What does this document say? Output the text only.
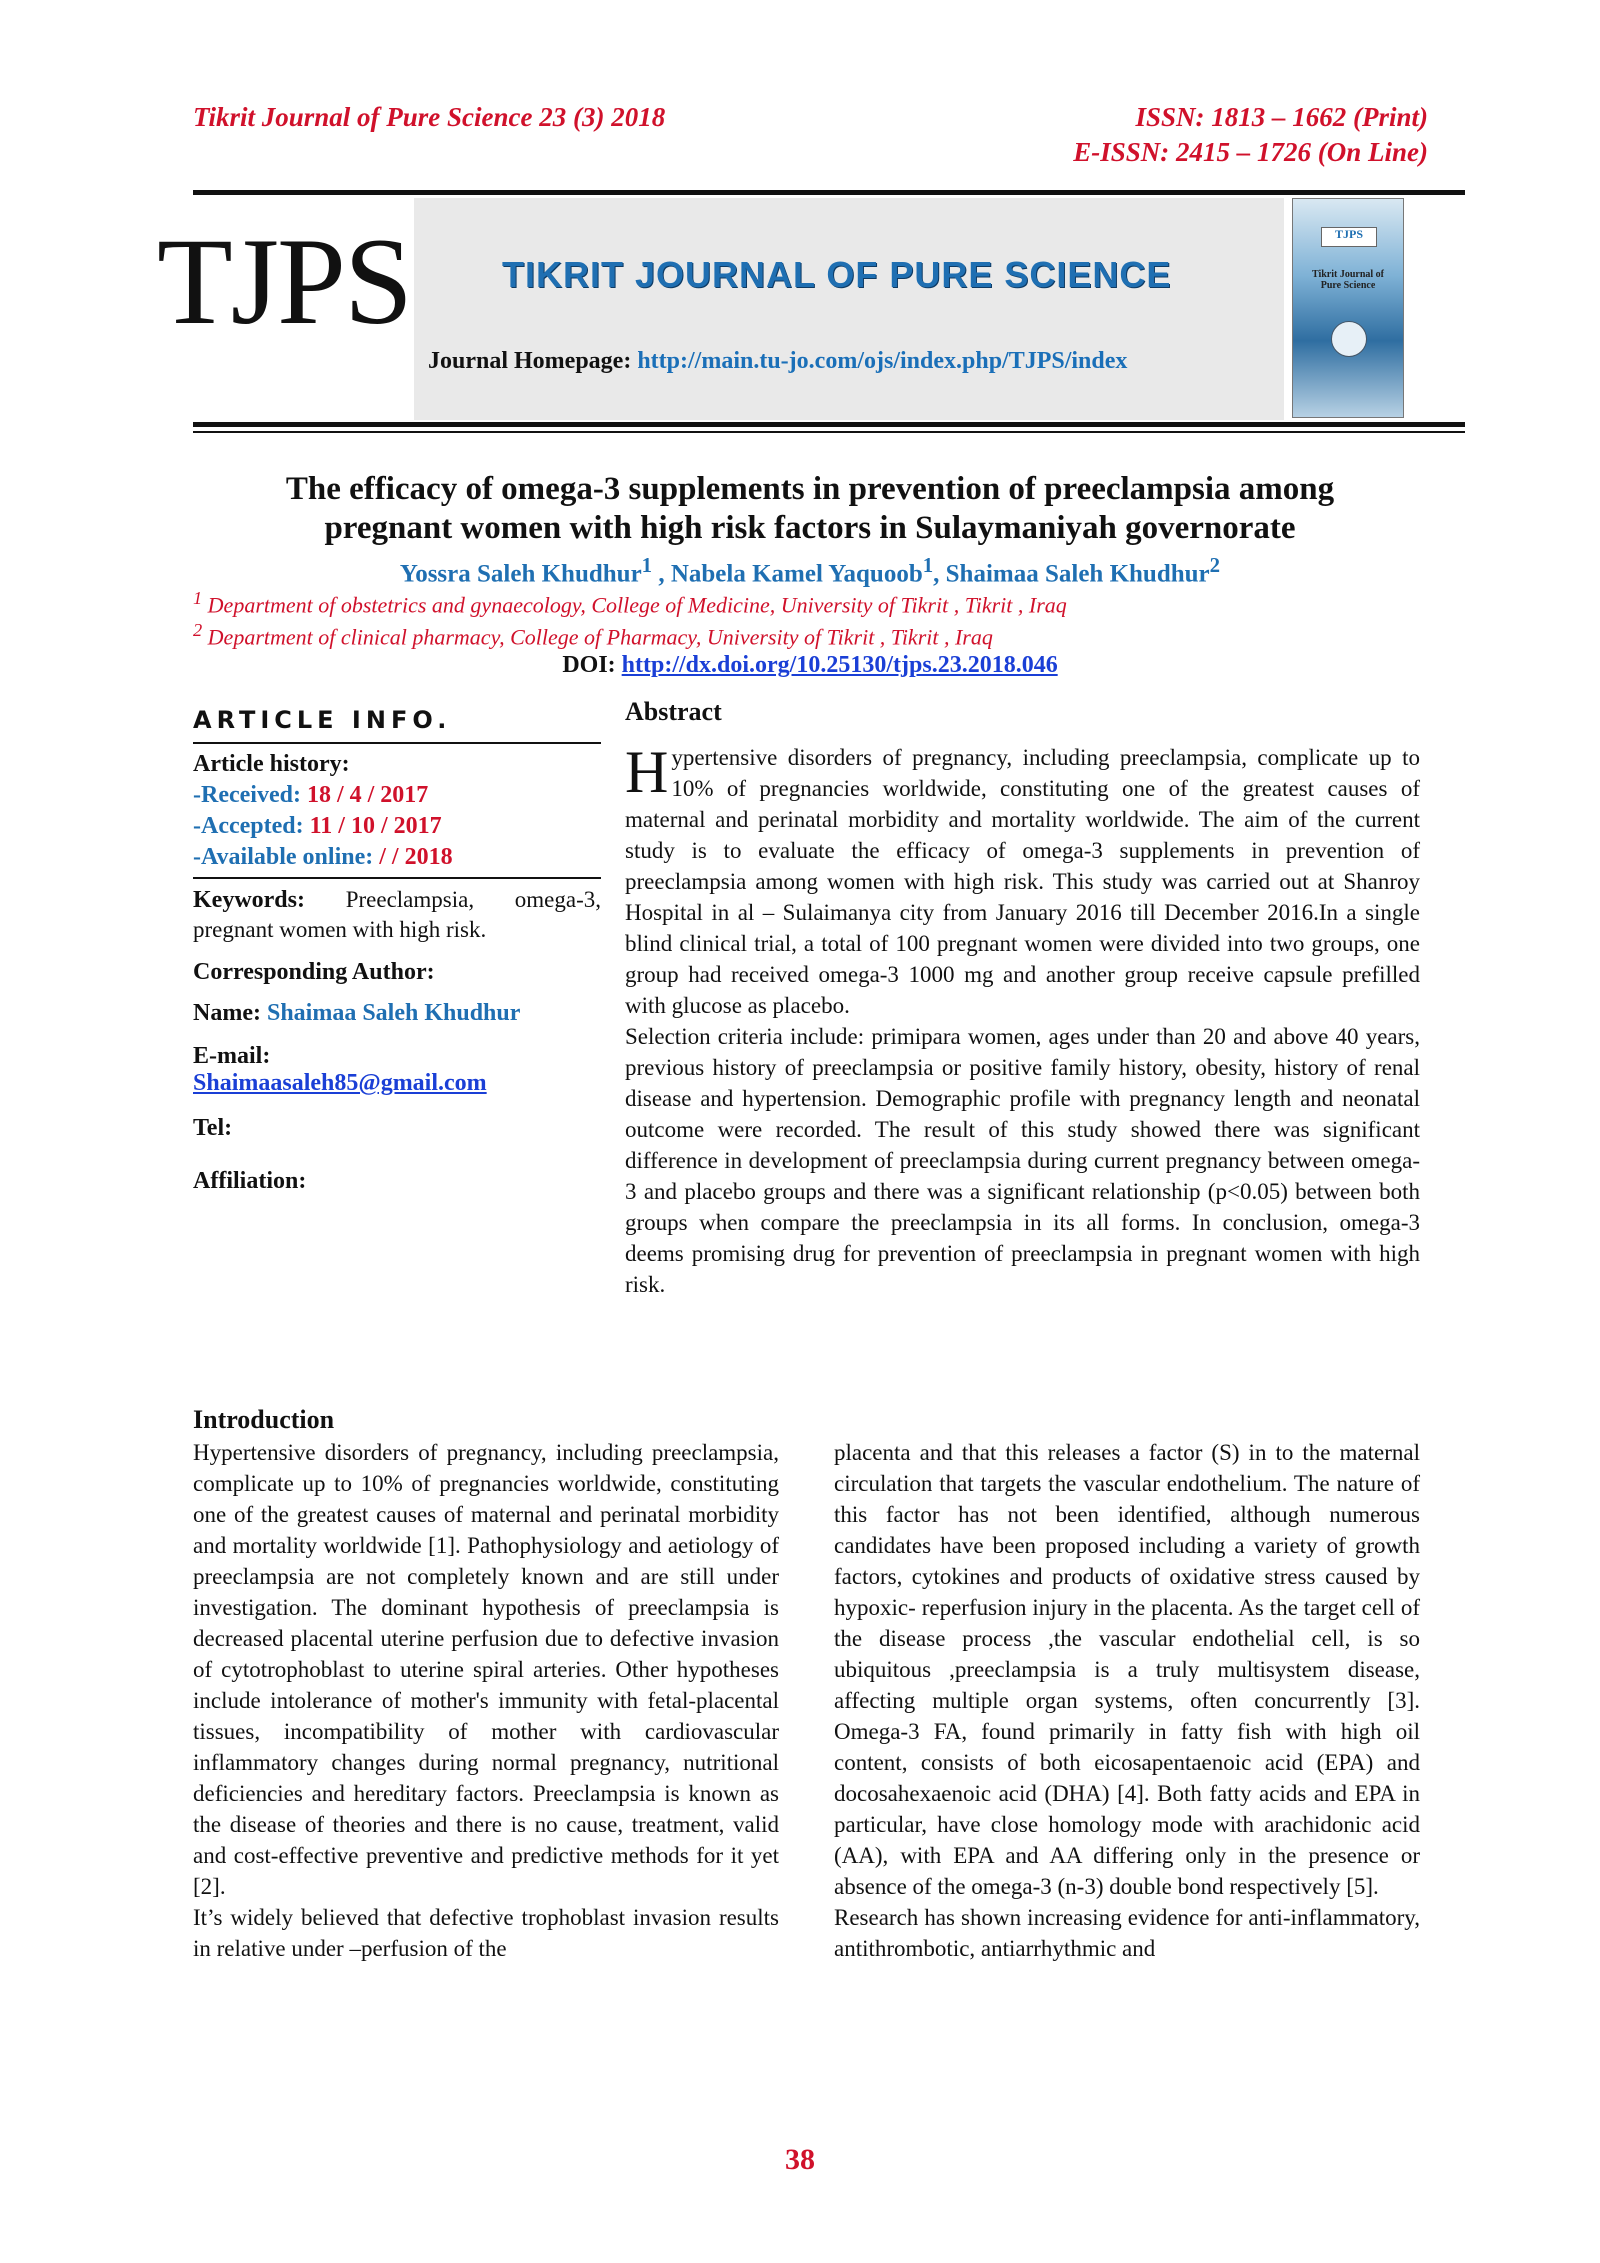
Tikrit Journal of Pure Science 23 (3) 2018	ISSN: 1813 – 1662 (Print)
E-ISSN: 2415 – 1726 (On Line)
TJPS	TIKRIT JOURNAL OF PURE SCIENCE
Journal Homepage: http://main.tu-jo.com/ojs/index.php/TJPS/index
TJPS
Tikrit Journal of Pure Science
The efficacy of omega-3 supplements in prevention of preeclampsia among
pregnant women with high risk factors in Sulaymaniyah governorate
Yossra Saleh Khudhur$^1$ , Nabela Kamel Yaquoob$^1$, Shaimaa Saleh Khudhur$^2$
$^1$ Department of obstetrics and gynaecology, College of Medicine, University of Tikrit , Tikrit , Iraq
$^2$ Department of clinical pharmacy, College of Pharmacy, University of Tikrit , Tikrit , Iraq
DOI: http://dx.doi.org/10.25130/tjps.23.2018.046
ARTICLE INFO.
Article history:
-Received: 18 / 4 / 2017
-Accepted: 11 / 10 / 2017
-Available online: / / 2018
Keywords: Preeclampsia, omega-3, pregnant women with high risk.
Corresponding Author:
Name: Shaimaa Saleh Khudhur
E-mail:
Shaimaasaleh85@gmail.com
Tel:
Affiliation:
Abstract

Hypertensive disorders of pregnancy, including preeclampsia, complicate up to 10% of pregnancies worldwide, constituting one of the greatest causes of maternal and perinatal morbidity and mortality worldwide. The aim of the current study is to evaluate the efficacy of omega-3 supplements in prevention of preeclampsia among women with high risk. This study was carried out at Shanroy Hospital in al – Sulaimanya city from January 2016 till December 2016.In a single blind clinical trial, a total of 100 pregnant women were divided into two groups, one group had received omega-3 1000 mg and another group receive capsule prefilled with glucose as placebo.

Selection criteria include: primipara women, ages under than 20 and above 40 years, previous history of preeclampsia or positive family history, obesity, history of renal disease and hypertension. Demographic profile with pregnancy length and neonatal outcome were recorded. The result of this study showed there was significant difference in development of preeclampsia during current pregnancy between omega-3 and placebo groups and there was a significant relationship (p<0.05) between both groups when compare the preeclampsia in its all forms. In conclusion, omega-3 deems promising drug for prevention of preeclampsia in pregnant women with high risk.

Introduction

Hypertensive disorders of pregnancy, including preeclampsia, complicate up to 10% of pregnancies worldwide, constituting one of the greatest causes of maternal and perinatal morbidity and mortality worldwide [1]. Pathophysiology and aetiology of preeclampsia are not completely known and are still under investigation. The dominant hypothesis of preeclampsia is decreased placental uterine perfusion due to defective invasion of cytotrophoblast to uterine spiral arteries. Other hypotheses include intolerance of mother's immunity with fetal-placental tissues, incompatibility of mother with cardiovascular inflammatory changes during normal pregnancy, nutritional deficiencies and hereditary factors. Preeclampsia is known as the disease of theories and there is no cause, treatment, valid and cost-effective preventive and predictive methods for it yet [2].

It’s widely believed that defective trophoblast invasion results in relative under –perfusion of the

placenta and that this releases a factor (S) in to the maternal circulation that targets the vascular endothelium. The nature of this factor has not been identified, although numerous candidates have been proposed including a variety of growth factors, cytokines and products of oxidative stress caused by hypoxic- reperfusion injury in the placenta. As the target cell of the disease process ,the vascular endothelial cell, is so ubiquitous ,preeclampsia is a truly multisystem disease, affecting multiple organ systems, often concurrently [3]. Omega-3 FA, found primarily in fatty fish with high oil content, consists of both eicosapentaenoic acid (EPA) and docosahexaenoic acid (DHA) [4]. Both fatty acids and EPA in particular, have close homology mode with arachidonic acid (AA), with EPA and AA differing only in the presence or absence of the omega-3 (n-3) double bond respectively [5].

Research has shown increasing evidence for anti-inflammatory, antithrombotic, antiarrhythmic and

38
